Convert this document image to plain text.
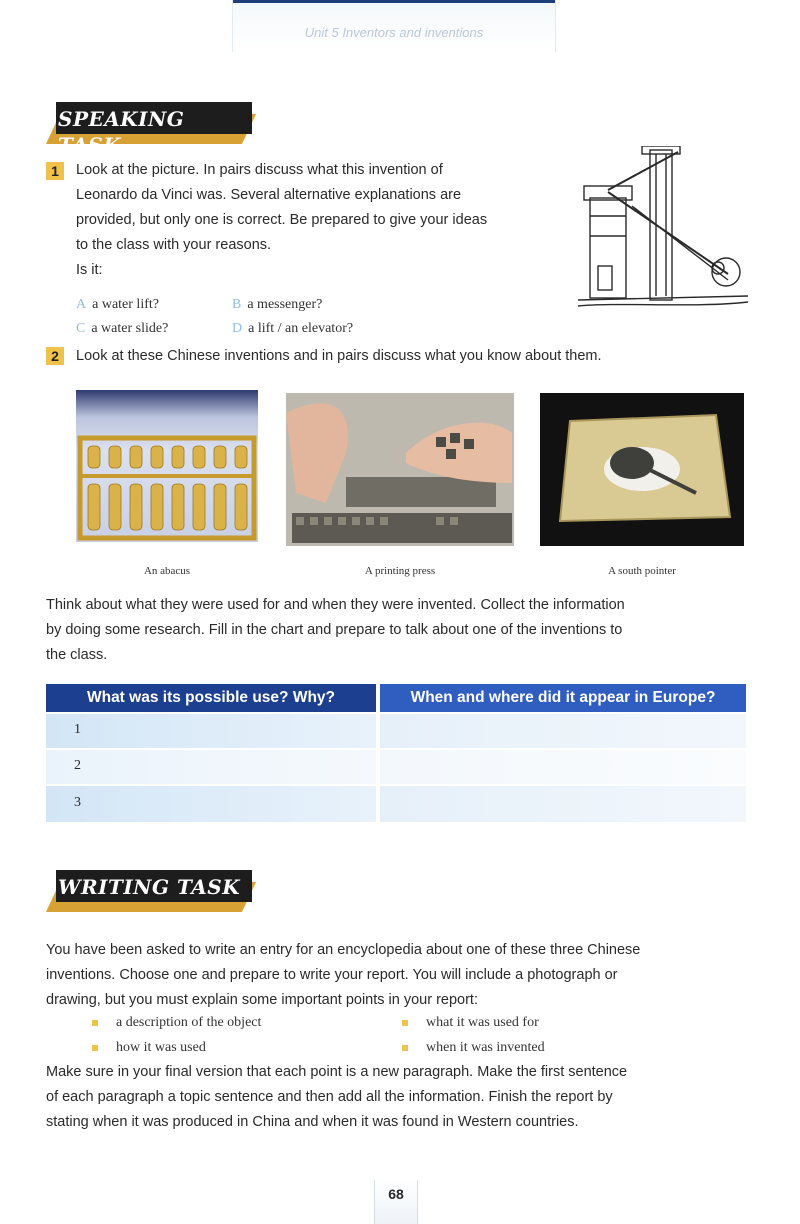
Unit 5 Inventors and inventions
SPEAKING TASK
1	Look at the picture. In pairs discuss what this invention of
Leonardo da Vinci was. Several alternative explanations are
provided, but only one is correct. Be prepared to give your ideas
to the class with your reasons.
Is it:
A a water lift?	B a messenger?
C a water slide?	D a lift / an elevator?
2	Look at these Chinese inventions and in pairs discuss what you know about them.
An abacus	A printing press	A south pointer
Think about what they were used for and when they were invented. Collect the information
by doing some research. Fill in the chart and prepare to talk about one of the inventions to
the class.
What was its possible use? Why?	When and where did it appear in Europe?
1
2
3
WRITING TASK
You have been asked to write an entry for an encyclopedia about one of these three Chinese
inventions. Choose one and prepare to write your report. You will include a photograph or
drawing, but you must explain some important points in your report:
a description of the object	what it was used for
how it was used	when it was invented
Make sure in your final version that each point is a new paragraph. Make the first sentence
of each paragraph a topic sentence and then add all the information. Finish the report by
stating when it was produced in China and when it was found in Western countries.
68
